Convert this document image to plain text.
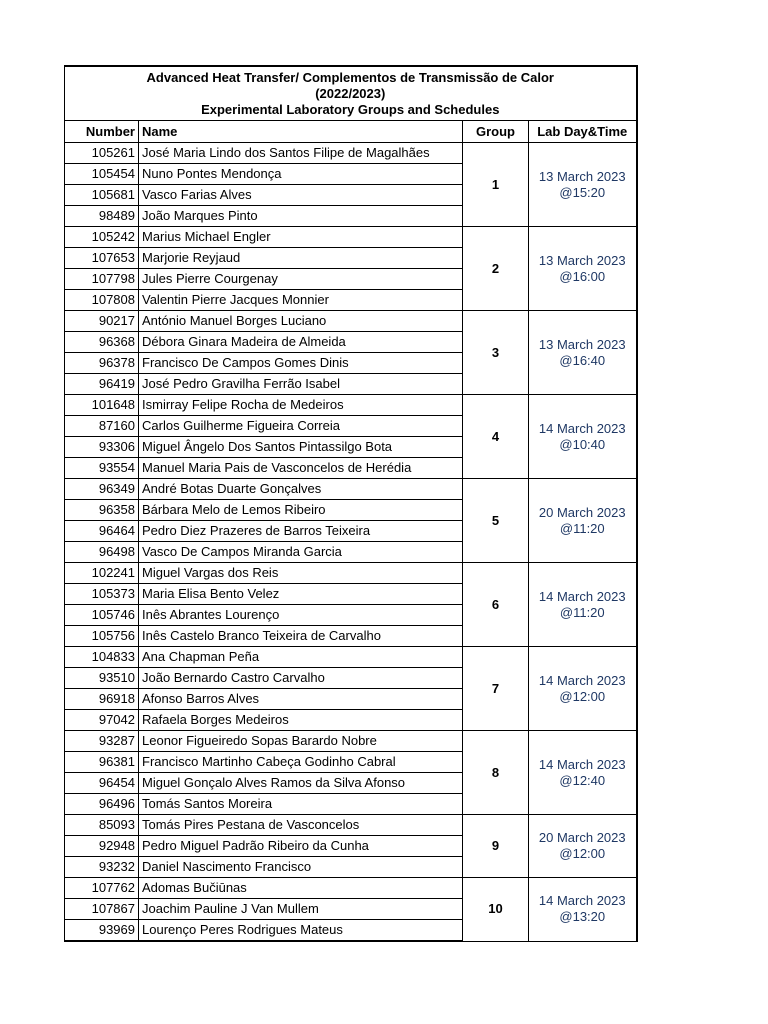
Advanced Heat Transfer/ Complementos de Transmissão de Calor
(2022/2023)
Experimental Laboratory Groups and Schedules			

Number	Name	Group	Lab Day&Time
105261	José Maria Lindo dos Santos Filipe de Magalhães	1	13 March 2023
@15:20

105454	Nuno Pontes Mendonça		
105681	Vasco Farias Alves		
98489	João Marques Pinto		
105242	Marius Michael Engler	2	13 March 2023
@16:00

107653	Marjorie Reyjaud		
107798	Jules Pierre Courgenay		
107808	Valentin Pierre Jacques Monnier		
90217	António Manuel Borges Luciano	3	13 March 2023
@16:40

96368	Débora Ginara Madeira de Almeida		
96378	Francisco De Campos Gomes Dinis		
96419	José Pedro Gravilha Ferrão Isabel		
101648	Ismirray Felipe Rocha de Medeiros	4	14 March 2023
@10:40

87160	Carlos Guilherme Figueira Correia		
93306	Miguel Ângelo Dos Santos Pintassilgo Bota		
93554	Manuel Maria Pais de Vasconcelos de Herédia		
96349	André Botas Duarte Gonçalves	5	20 March 2023
@11:20

96358	Bárbara Melo de Lemos Ribeiro		
96464	Pedro Diez Prazeres de Barros Teixeira		
96498	Vasco De Campos Miranda Garcia		
102241	Miguel Vargas dos Reis	6	14 March 2023
@11:20

105373	Maria Elisa Bento Velez		
105746	Inês Abrantes Lourenço		
105756	Inês Castelo Branco Teixeira de Carvalho		
104833	Ana Chapman Peña	7	14 March 2023
@12:00

93510	João Bernardo Castro Carvalho		
96918	Afonso Barros Alves		
97042	Rafaela Borges Medeiros		
93287	Leonor Figueiredo Sopas Barardo Nobre	8	14 March 2023
@12:40

96381	Francisco Martinho Cabeça Godinho Cabral		
96454	Miguel Gonçalo Alves Ramos da Silva Afonso		
96496	Tomás Santos Moreira		
85093	Tomás Pires Pestana de Vasconcelos	9	20 March 2023
@12:00

92948	Pedro Miguel Padrão Ribeiro da Cunha		
93232	Daniel Nascimento Francisco		
107762	Adomas Bučiūnas	10	14 March 2023
@13:20

107867	Joachim Pauline J Van Mullem		
93969	Lourenço Peres Rodrigues Mateus		
